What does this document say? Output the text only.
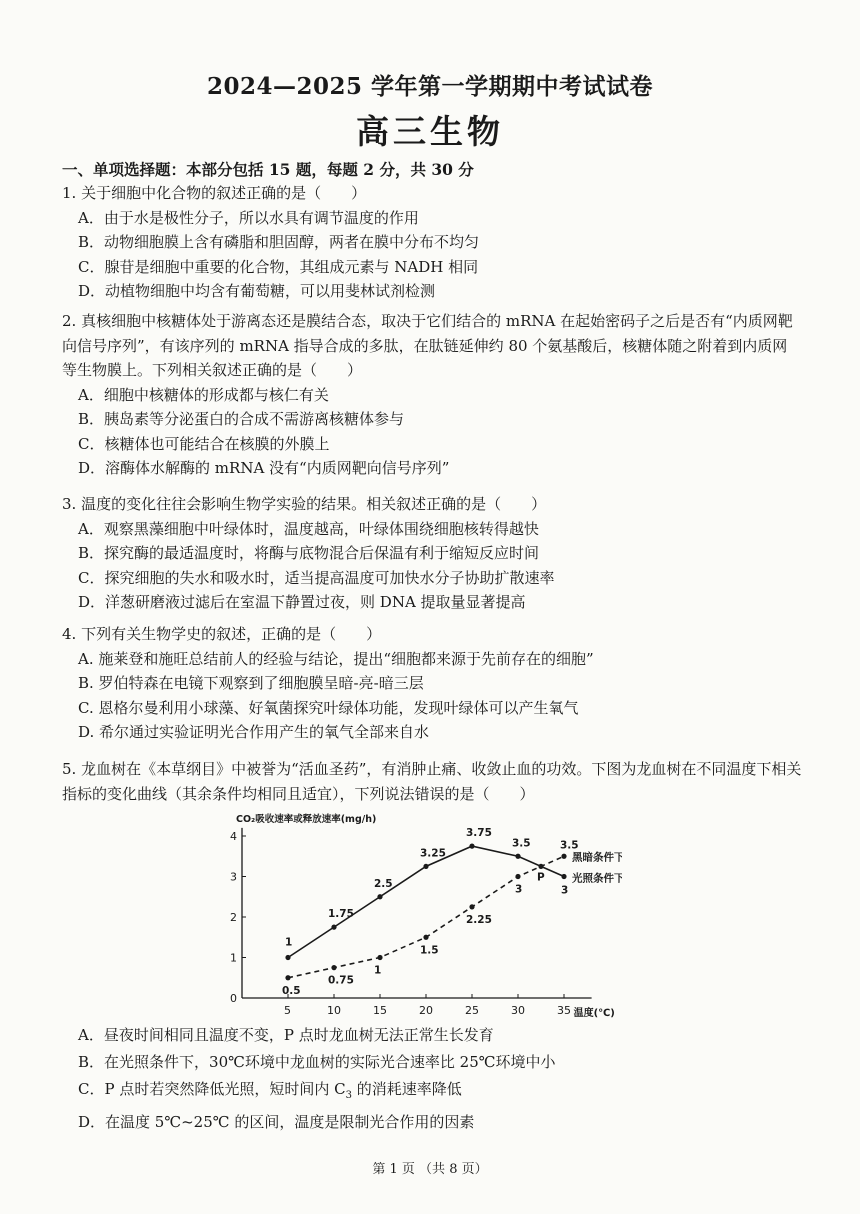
2024—2025 学年第一学期期中考试试卷
高三生物
一、单项选择题：本部分包括 15 题，每题 2 分，共 30 分

1. 关于细胞中化合物的叙述正确的是（　　）

A．由于水是极性分子，所以水具有调节温度的作用

B．动物细胞膜上含有磷脂和胆固醇，两者在膜中分布不均匀

C．腺苷是细胞中重要的化合物，其组成元素与 NADH 相同

D．动植物细胞中均含有葡萄糖，可以用斐林试剂检测

2. 真核细胞中核糖体处于游离态还是膜结合态，取决于它们结合的 mRNA 在起始密码子之后是否有“内质网靶向信号序列”，有该序列的 mRNA 指导合成的多肽，在肽链延伸约 80 个氨基酸后，核糖体随之附着到内质网等生物膜上。下列相关叙述正确的是（　　）

A．细胞中核糖体的形成都与核仁有关

B．胰岛素等分泌蛋白的合成不需游离核糖体参与

C．核糖体也可能结合在核膜的外膜上

D．溶酶体水解酶的 mRNA 没有“内质网靶向信号序列”

3. 温度的变化往往会影响生物学实验的结果。相关叙述正确的是（　　）

A．观察黑藻细胞中叶绿体时，温度越高，叶绿体围绕细胞核转得越快

B．探究酶的最适温度时，将酶与底物混合后保温有利于缩短反应时间

C．探究细胞的失水和吸水时，适当提高温度可加快水分子协助扩散速率

D．洋葱研磨液过滤后在室温下静置过夜，则 DNA 提取量显著提高

4. 下列有关生物学史的叙述，正确的是（　　）

A. 施莱登和施旺总结前人的经验与结论，提出“细胞都来源于先前存在的细胞”

B. 罗伯特森在电镜下观察到了细胞膜呈暗-亮-暗三层

C. 恩格尔曼利用小球藻、好氧菌探究叶绿体功能，发现叶绿体可以产生氧气

D. 希尔通过实验证明光合作用产生的氧气全部来自水

5. 龙血树在《本草纲目》中被誉为“活血圣药”，有消肿止痛、收敛止血的功效。下图为龙血树在不同温度下相关指标的变化曲线（其余条件均相同且适宜），下列说法错误的是（　　）

CO₂吸收速率或释放速率(mg/h)
温度(℃)
0
1
2
3
4
5	10	15	20	25	30	35
1
1.75
2.5
3.25
3.75
3.5
3
光照条件下
0.5
0.75
1
1.5
2.25
3
3.5
黑暗条件下
P

A．昼夜时间相同且温度不变，P 点时龙血树无法正常生长发育

B．在光照条件下，30℃环境中龙血树的实际光合速率比 25℃环境中小

C．P 点时若突然降低光照，短时间内 $C_3$ 的消耗速率降低

D．在温度 5℃~25℃ 的区间，温度是限制光合作用的因素

第 1 页 （共 8 页）
